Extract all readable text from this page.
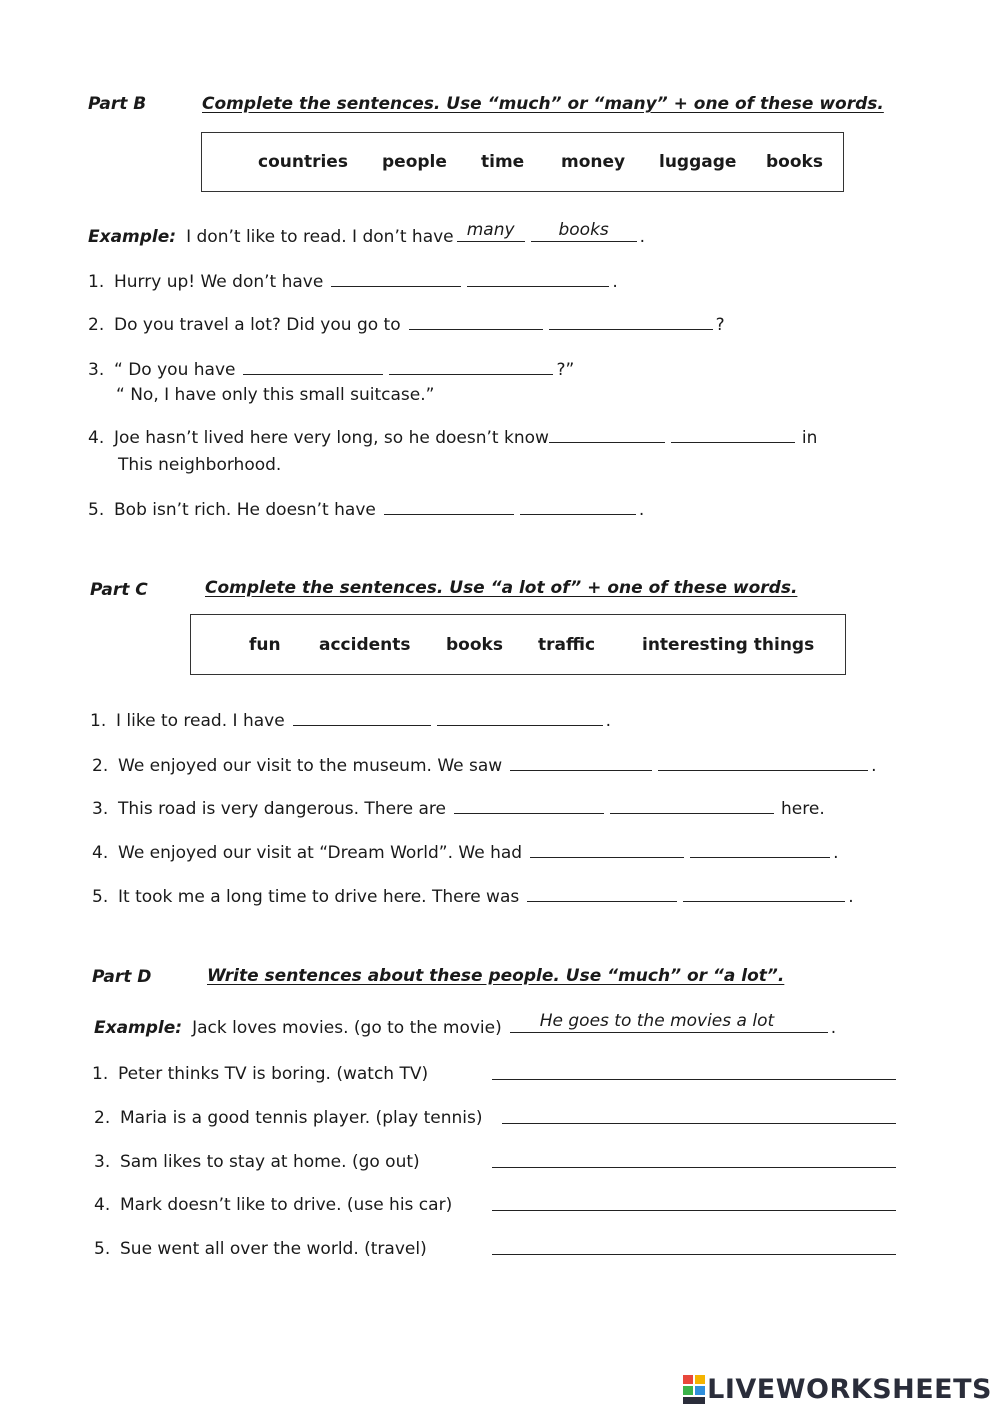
Part B	Complete the sentences. Use “much” or “many” + one of these words.
countries people time money luggage books
Example: I don’t like to read. I don’t have many	books	.
1. Hurry up! We don’t have	.
2. Do you travel a lot? Did you go to	?
3. “ Do you have	?”
“ No, I have only this small suitcase.”
4. Joe hasn’t lived here very long, so he doesn’t know	in
This neighborhood.
5. Bob isn’t rich. He doesn’t have	.
Part C	Complete the sentences. Use “a lot of” + one of these words.
fun accidents books traffic	interesting things
1. I like to read. I have	.
2. We enjoyed our visit to the museum. We saw	.
3. This road is very dangerous. There are	here.
4. We enjoyed our visit at “Dream World”. We had	.
5. It took me a long time to drive here. There was	.
Part D	Write sentences about these people. Use “much” or “a lot”.
Example: Jack loves movies. (go to the movie) He goes to the movies a lot	.
1. Peter thinks TV is boring. (watch TV)
2. Maria is a good tennis player. (play tennis)
3. Sam likes to stay at home. (go out)
4. Mark doesn’t like to drive. (use his car)
5. Sue went all over the world. (travel)
LIVEWORKSHEETS
